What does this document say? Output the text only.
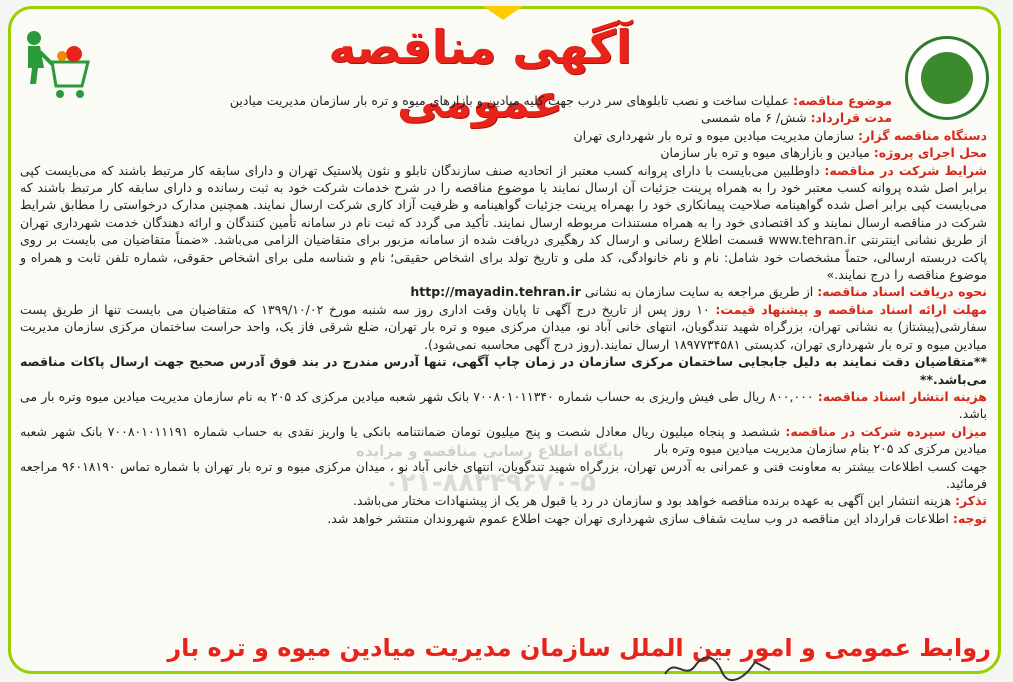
آگهی مناقصه عمومی	موضوع مناقصه: عملیات ساخت و نصب تابلوهای سر درب جهت کلیه میادین و بازارهای میوه و تره بار سازمان مدیریت میادین

مدت قرارداد: شش/ ۶ ماه شمسی

دستگاه مناقصه گزار: سازمان مدیریت میادین میوه و تره بار شهرداری تهران

محل اجرای پروژه: میادین و بازارهای میوه و تره بار سازمان

شرایط شرکت در مناقصه: داوطلبین می‌بایست با دارای پروانه کسب معتبر از اتحادیه صنف سازندگان تابلو و نئون پلاستیک تهران و دارای سابقه کار مرتبط باشند که می‌بایست کپی برابر اصل شده پروانه کسب معتبر خود را به همراه پرینت جزئیات آن ارسال نمایند یا موضوع مناقصه را در شرح خدمات شرکت خود به ثبت رسانده و دارای سابقه کار مرتبط باشند که می‌بایست کپی برابر اصل شده گواهینامه صلاحیت پیمانکاری خود را بهمراه پرینت جزئیات گواهینامه و ظرفیت آزاد کاری شرکت ارسال نمایند. همچنین مدارک درخواستی را مطابق شرایط شرکت در مناقصه ارسال نمایند و کد اقتصادی خود را به همراه مستندات مربوطه ارسال نمایند. تأکید می گردد که ثبت نام در سامانه تأمین کنندگان و ارائه دهندگان خدمت شهرداری تهران از طریق نشانی اینترنتی www.tehran.ir قسمت اطلاع رسانی و ارسال کد رهگیری دریافت شده از سامانه مزبور برای متقاضیان الزامی می‌باشد. «ضمناً متقاضیان می بایست بر روی پاکت دربسته ارسالی، حتماً مشخصات خود شامل: نام و نام خانوادگی، کد ملی و تاریخ تولد برای اشخاص حقیقی؛ نام و شناسه ملی برای اشخاص حقوقی، شماره تلفن ثابت و همراه و موضوع مناقصه را درج نمایند.»

نحوه دریافت اسناد مناقصه: از طریق مراجعه به سایت سازمان به نشانی http://mayadin.tehran.ir

مهلت ارائه اسناد مناقصه و پیشنهاد قیمت: ۱۰ روز پس از تاریخ درج آگهی تا پایان وقت اداری روز سه شنبه مورخ ۱۳۹۹/۱۰/۰۲ که متقاضیان می بایست تنها از طریق پست سفارشی(پیشتاز) به نشانی تهران، بزرگراه شهید تندگویان، انتهای خانی آباد نو، میدان مرکزی میوه و تره بار تهران، ضلع شرقی فاز یک، واحد حراست ساختمان مرکزی سازمان مدیریت میادین میوه و تره بار شهرداری تهران، کدپستی ۱۸۹۷۷۳۴۵۸۱ ارسال نمایند.(روز درج آگهی محاسبه نمی‌شود).

**متقاضیان دقت نمایند به دلیل جابجایی ساختمان مرکزی سازمان در زمان چاپ آگهی، تنها آدرس مندرج در بند فوق آدرس صحیح جهت ارسال پاکات مناقصه می‌باشد.**

هزینه انتشار اسناد مناقصه: ۸۰۰,۰۰۰ ریال طی فیش واریزی به حساب شماره ۷۰۰۸۰۱۰۱۱۳۴۰ بانک شهر شعبه میادین مرکزی کد ۲۰۵ به نام سازمان مدیریت میادین میوه وتره بار می باشد.

میزان سپرده شرکت در مناقصه: ششصد و پنجاه میلیون ریال معادل شصت و پنج میلیون تومان ضمانتنامه بانکی یا واریز نقدی به حساب شماره ۷۰۰۸۰۱۰۱۱۱۹۱ بانک شهر شعبه میادین مرکزی کد ۲۰۵ بنام سازمان مدیریت میادین میوه وتره بار

جهت کسب اطلاعات بیشتر به معاونت فنی و عمرانی به آدرس تهران، بزرگراه شهید تندگویان، انتهای خانی آباد نو ، میدان مرکزی میوه و تره بار تهران با شماره تماس ۹۶۰۱۸۱۹۰ مراجعه فرمائید.

تذکر: هزینه انتشار این آگهی به عهده برنده مناقصه خواهد بود و سازمان در رد یا قبول هر یک از پیشنهادات مختار می‌باشد.

توجه: اطلاعات قرارداد این مناقصه در وب سایت شفاف سازی شهرداری تهران جهت اطلاع عموم شهروندان منتشر خواهد شد.

پایگاه اطلاع رسانی مناقصه و مزایده
۰۲۱-۸۸۳۴۹۶۷۰-۵
روابط عمومی و امور بین الملل سازمان مدیریت میادین میوه و تره بار
